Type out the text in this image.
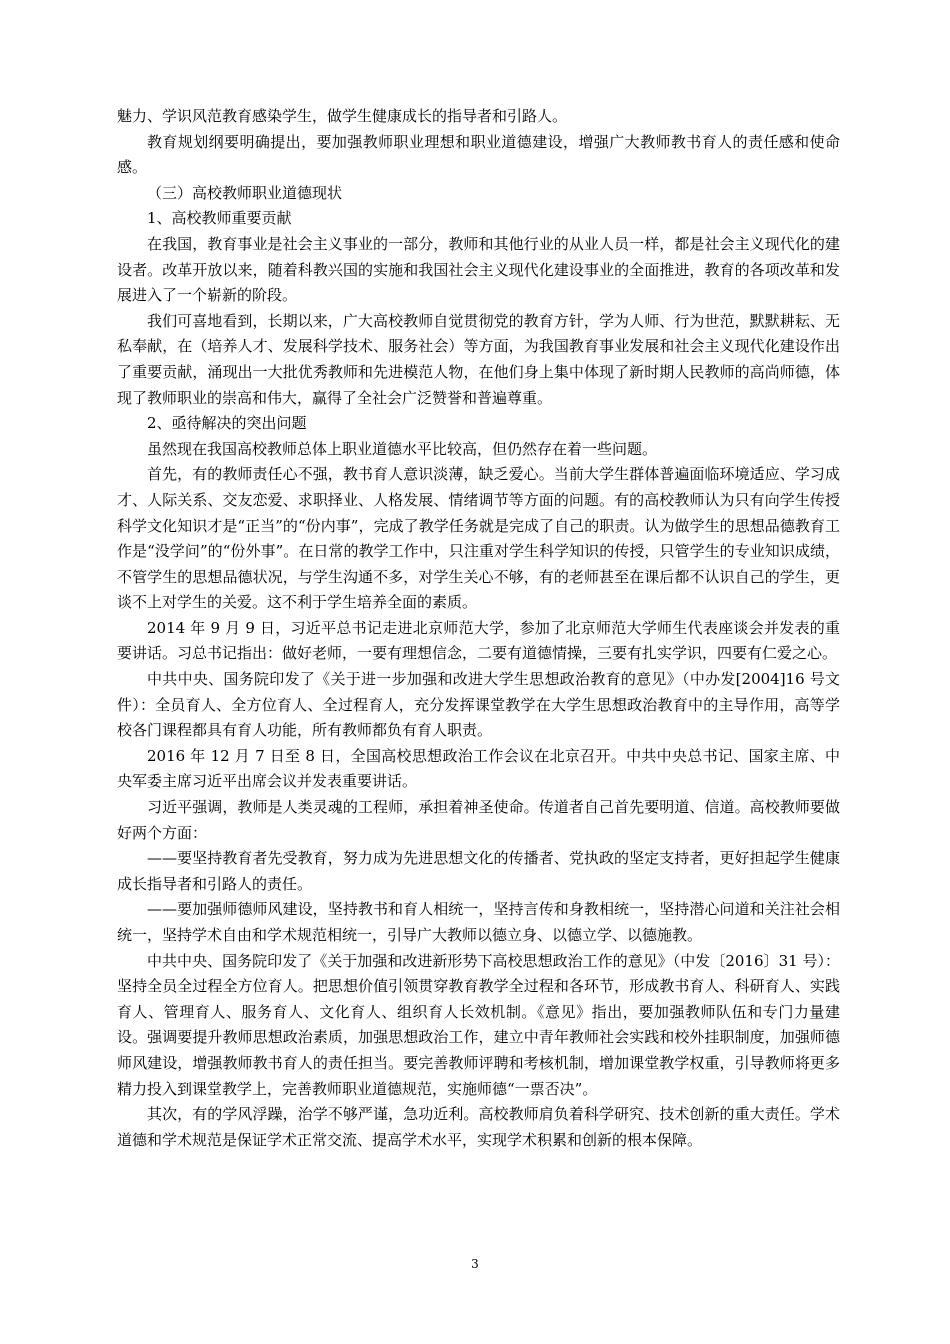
魅力、学识风范教育感染学生，做学生健康成长的指导者和引路人。

教育规划纲要明确提出，要加强教师职业理想和职业道德建设，增强广大教师教书育人的责任感和使命感。

（三）高校教师职业道德现状

1、高校教师重要贡献

在我国，教育事业是社会主义事业的一部分，教师和其他行业的从业人员一样，都是社会主义现代化的建设者。改革开放以来，随着科教兴国的实施和我国社会主义现代化建设事业的全面推进，教育的各项改革和发展进入了一个崭新的阶段。

我们可喜地看到，长期以来，广大高校教师自觉贯彻党的教育方针，学为人师、行为世范，默默耕耘、无私奉献，在（培养人才、发展科学技术、服务社会）等方面，为我国教育事业发展和社会主义现代化建设作出了重要贡献，涌现出一大批优秀教师和先进模范人物，在他们身上集中体现了新时期人民教师的高尚师德，体现了教师职业的崇高和伟大，赢得了全社会广泛赞誉和普遍尊重。

2、亟待解决的突出问题

虽然现在我国高校教师总体上职业道德水平比较高，但仍然存在着一些问题。

首先，有的教师责任心不强，教书育人意识淡薄，缺乏爱心。当前大学生群体普遍面临环境适应、学习成才、人际关系、交友恋爱、求职择业、人格发展、情绪调节等方面的问题。有的高校教师认为只有向学生传授科学文化知识才是“正当”的“份内事”，完成了教学任务就是完成了自己的职责。认为做学生的思想品德教育工作是“没学问”的“份外事”。在日常的教学工作中，只注重对学生科学知识的传授，只管学生的专业知识成绩，不管学生的思想品德状况，与学生沟通不多，对学生关心不够，有的老师甚至在课后都不认识自己的学生，更谈不上对学生的关爱。这不利于学生培养全面的素质。

2014 年 9 月 9 日，习近平总书记走进北京师范大学，参加了北京师范大学师生代表座谈会并发表的重要讲话。习总书记指出：做好老师，一要有理想信念，二要有道德情操，三要有扎实学识，四要有仁爱之心。

中共中央、国务院印发了《关于进一步加强和改进大学生思想政治教育的意见》（中办发[2004]16 号文件）：全员育人、全方位育人、全过程育人，充分发挥课堂教学在大学生思想政治教育中的主导作用，高等学校各门课程都具有育人功能，所有教师都负有育人职责。

2016 年 12 月 7 日至 8 日，全国高校思想政治工作会议在北京召开。中共中央总书记、国家主席、中央军委主席习近平出席会议并发表重要讲话。

习近平强调，教师是人类灵魂的工程师，承担着神圣使命。传道者自己首先要明道、信道。高校教师要做好两个方面：

——要坚持教育者先受教育，努力成为先进思想文化的传播者、党执政的坚定支持者，更好担起学生健康成长指导者和引路人的责任。

——要加强师德师风建设，坚持教书和育人相统一，坚持言传和身教相统一，坚持潜心问道和关注社会相统一，坚持学术自由和学术规范相统一，引导广大教师以德立身、以德立学、以德施教。

中共中央、国务院印发了《关于加强和改进新形势下高校思想政治工作的意见》（中发〔2016〕31 号）：坚持全员全过程全方位育人。把思想价值引领贯穿教育教学全过程和各环节，形成教书育人、科研育人、实践育人、管理育人、服务育人、文化育人、组织育人长效机制。《意见》指出，要加强教师队伍和专门力量建设。强调要提升教师思想政治素质，加强思想政治工作，建立中青年教师社会实践和校外挂职制度，加强师德师风建设，增强教师教书育人的责任担当。要完善教师评聘和考核机制，增加课堂教学权重，引导教师将更多精力投入到课堂教学上，完善教师职业道德规范，实施师德“一票否决”。

其次，有的学风浮躁，治学不够严谨，急功近利。高校教师肩负着科学研究、技术创新的重大责任。学术道德和学术规范是保证学术正常交流、提高学术水平，实现学术积累和创新的根本保障。

3
